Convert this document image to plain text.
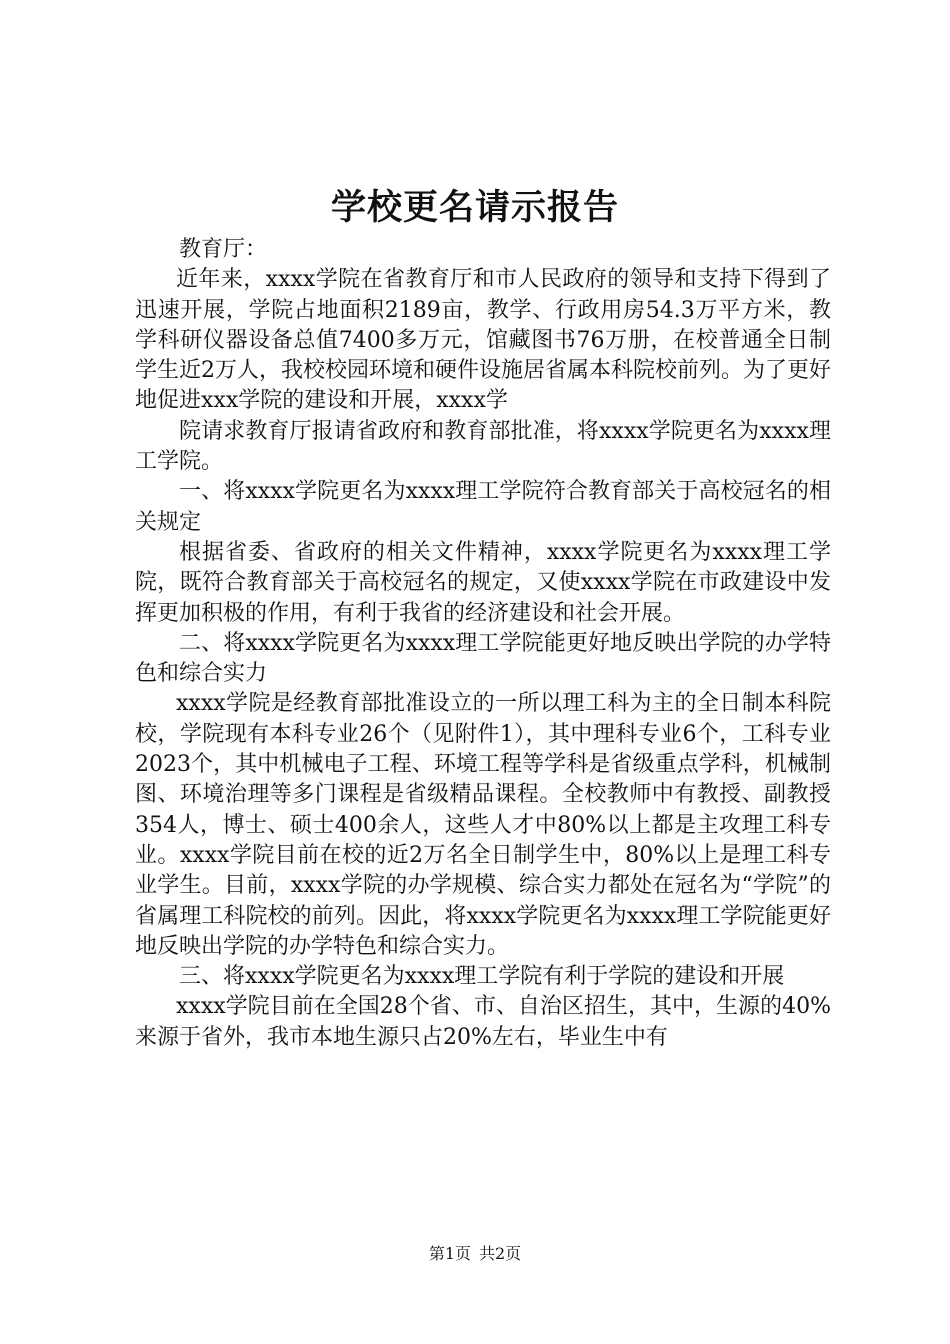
学校更名请示报告

教育厅：

近年来，xxxx学院在省教育厅和市人民政府的领导和支持下得到了迅速开展，学院占地面积2189亩，教学、行政用房54.3万平方米，教学科研仪器设备总值7400多万元，馆藏图书76万册，在校普通全日制学生近2万人，我校校园环境和硬件设施居省属本科院校前列。为了更好地促进xxx学院的建设和开展，xxxx学

院请求教育厅报请省政府和教育部批准，将xxxx学院更名为xxxx理工学院。

一、将xxxx学院更名为xxxx理工学院符合教育部关于高校冠名的相关规定

根据省委、省政府的相关文件精神，xxxx学院更名为xxxx理工学院，既符合教育部关于高校冠名的规定，又使xxxx学院在市政建设中发挥更加积极的作用，有利于我省的经济建设和社会开展。

二、将xxxx学院更名为xxxx理工学院能更好地反映出学院的办学特色和综合实力

xxxx学院是经教育部批准设立的一所以理工科为主的全日制本科院校，学院现有本科专业26个（见附件1），其中理科专业6个，工科专业2023个，其中机械电子工程、环境工程等学科是省级重点学科，机械制图、环境治理等多门课程是省级精品课程。全校教师中有教授、副教授354人，博士、硕士400余人，这些人才中80%以上都是主攻理工科专业。xxxx学院目前在校的近2万名全日制学生中，80%以上是理工科专业学生。目前，xxxx学院的办学规模、综合实力都处在冠名为“学院”的省属理工科院校的前列。因此，将xxxx学院更名为xxxx理工学院能更好地反映出学院的办学特色和综合实力。

三、将xxxx学院更名为xxxx理工学院有利于学院的建设和开展

xxxx学院目前在全国28个省、市、自治区招生，其中，生源的40%来源于省外，我市本地生源只占20%左右，毕业生中有

第1页 共2页
